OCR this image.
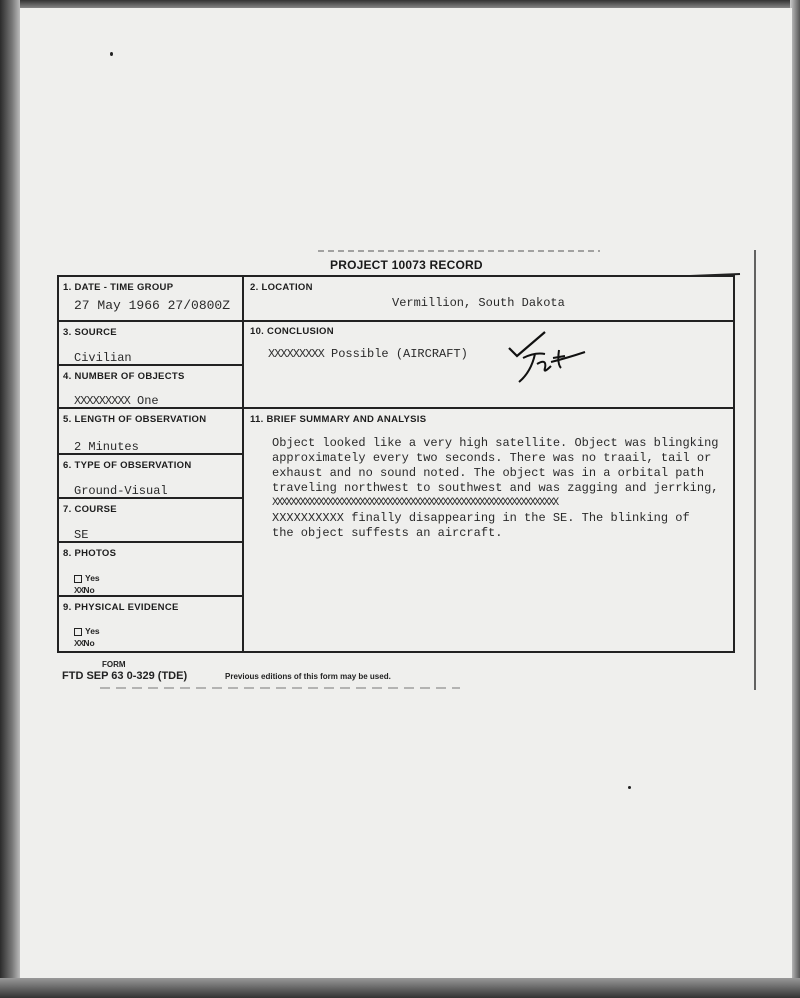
PROJECT 10073 RECORD
1. DATE - TIME GROUP
27 May 1966 27/0800Z
2. LOCATION
Vermillion, South Dakota
3. SOURCE
Civilian
4. NUMBER OF OBJECTS
XXXXXXXXX One
10. CONCLUSION
XXXXXXXXX Possible (AIRCRAFT)
5. LENGTH OF OBSERVATION
2 Minutes
6. TYPE OF OBSERVATION
Ground-Visual
7. COURSE
SE
8. PHOTOS
Yes
XXNo
9. PHYSICAL EVIDENCE
Yes
XXNo
11. BRIEF SUMMARY AND ANALYSIS
Object looked like a very high satellite. Object was blingking
approximately every two seconds. There was no traail, tail or
exhaust and no sound noted. The object was in a orbital path
traveling northwest to southwest and was zagging and jerrking,
XXXXXXXXXXXXXXXXXXXXXXXXXXXXXXXXXXXXXXXXXXXXXXXXXXXXXXXXXXXXXX
XXXXXXXXXX finally disappearing in the SE. The blinking of
the object suffests an aircraft.
FORM
FTD SEP 63 0-329 (TDE)	Previous editions of this form may be used.
